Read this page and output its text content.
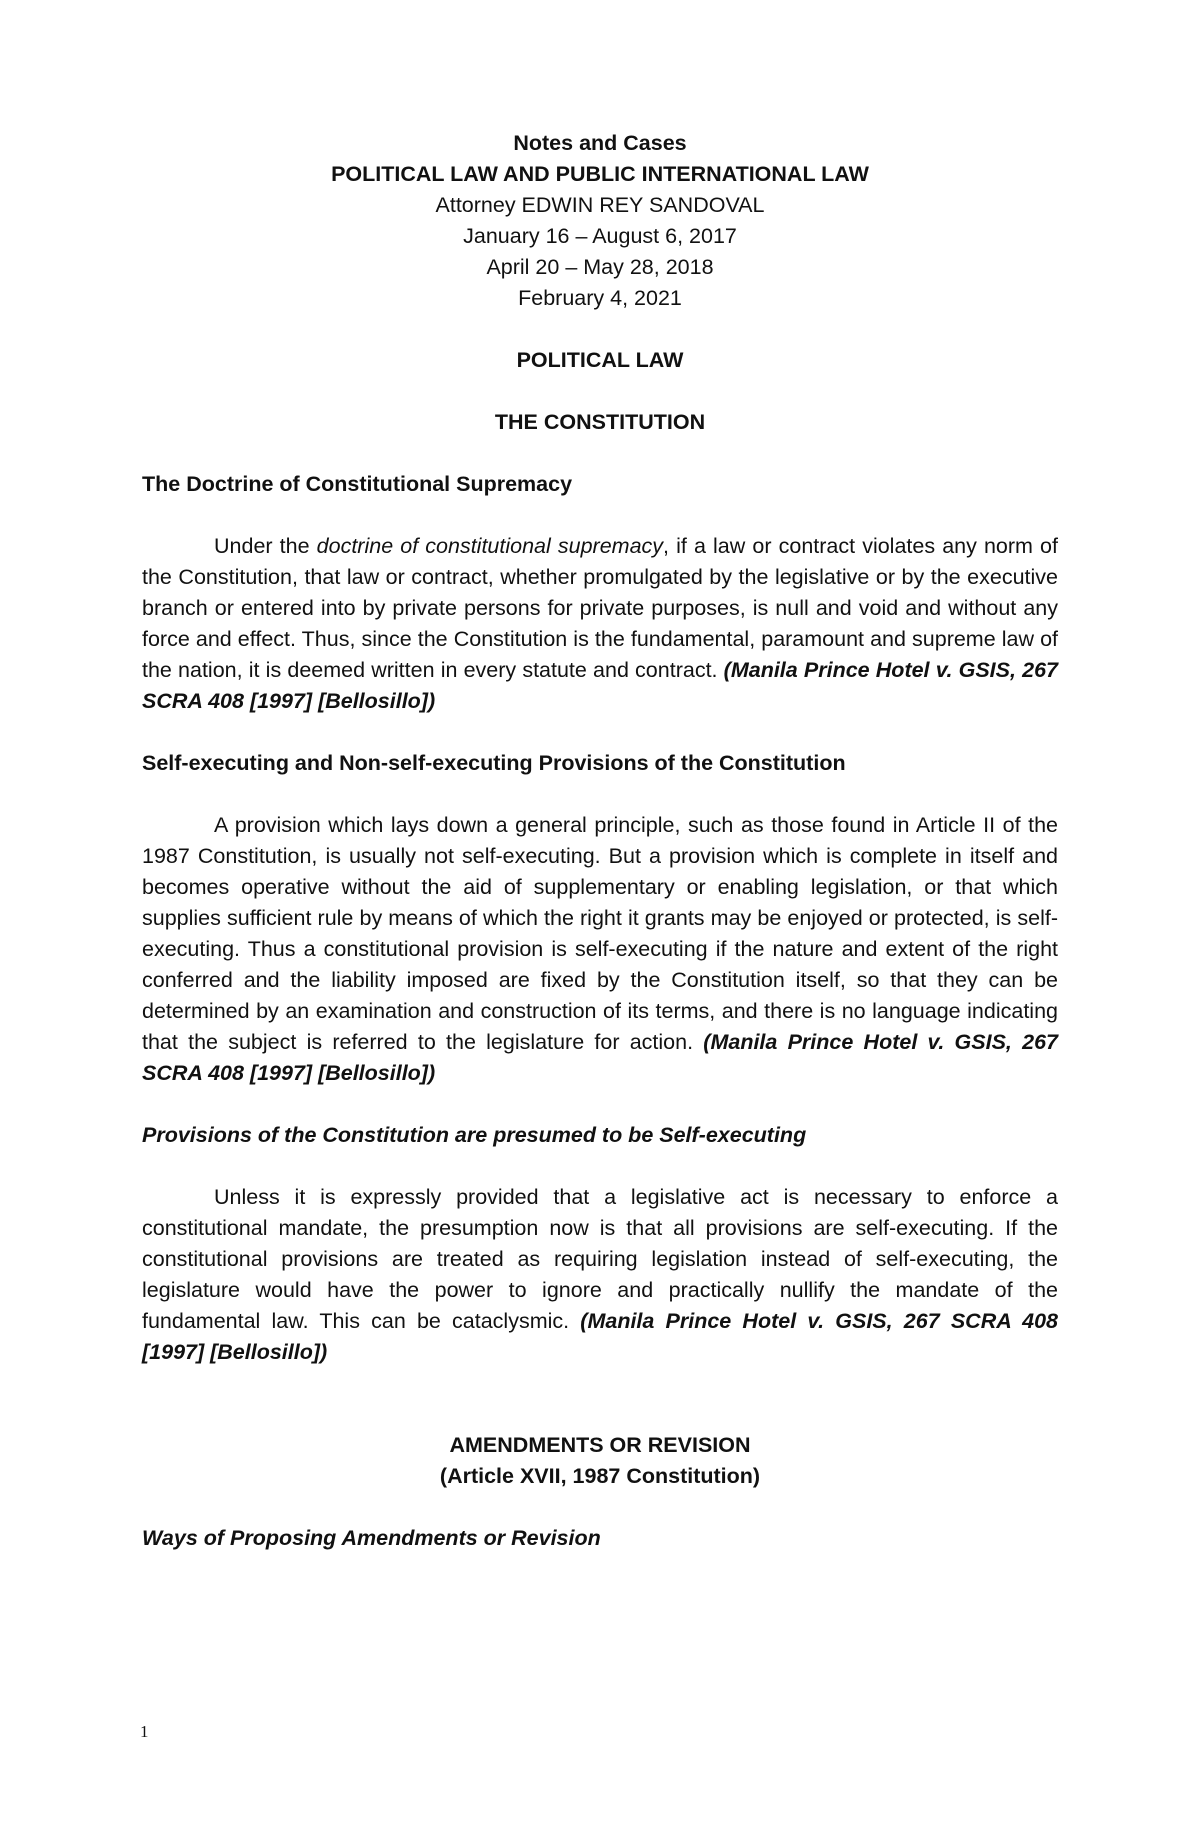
Notes and Cases
POLITICAL LAW AND PUBLIC INTERNATIONAL LAW
Attorney EDWIN REY SANDOVAL
January 16 – August 6, 2017
April 20 – May 28, 2018
February 4, 2021

POLITICAL LAW

THE CONSTITUTION

The Doctrine of Constitutional Supremacy

Under the doctrine of constitutional supremacy, if a law or contract violates any norm of the Constitution, that law or contract, whether promulgated by the legislative or by the executive branch or entered into by private persons for private purposes, is null and void and without any force and effect. Thus, since the Constitution is the fundamental, paramount and supreme law of the nation, it is deemed written in every statute and contract. (Manila Prince Hotel v. GSIS, 267 SCRA 408 [1997] [Bellosillo])

Self-executing and Non-self-executing Provisions of the Constitution

A provision which lays down a general principle, such as those found in Article II of the 1987 Constitution, is usually not self-executing. But a provision which is complete in itself and becomes operative without the aid of supplementary or enabling legislation, or that which supplies sufficient rule by means of which the right it grants may be enjoyed or protected, is self-executing. Thus a constitutional provision is self-executing if the nature and extent of the right conferred and the liability imposed are fixed by the Constitution itself, so that they can be determined by an examination and construction of its terms, and there is no language indicating that the subject is referred to the legislature for action. (Manila Prince Hotel v. GSIS, 267 SCRA 408 [1997] [Bellosillo])

Provisions of the Constitution are presumed to be Self-executing

Unless it is expressly provided that a legislative act is necessary to enforce a constitutional mandate, the presumption now is that all provisions are self-executing. If the constitutional provisions are treated as requiring legislation instead of self-executing, the legislature would have the power to ignore and practically nullify the mandate of the fundamental law. This can be cataclysmic. (Manila Prince Hotel v. GSIS, 267 SCRA 408 [1997] [Bellosillo])

AMENDMENTS OR REVISION

(Article XVII, 1987 Constitution)

Ways of Proposing Amendments or Revision

1
